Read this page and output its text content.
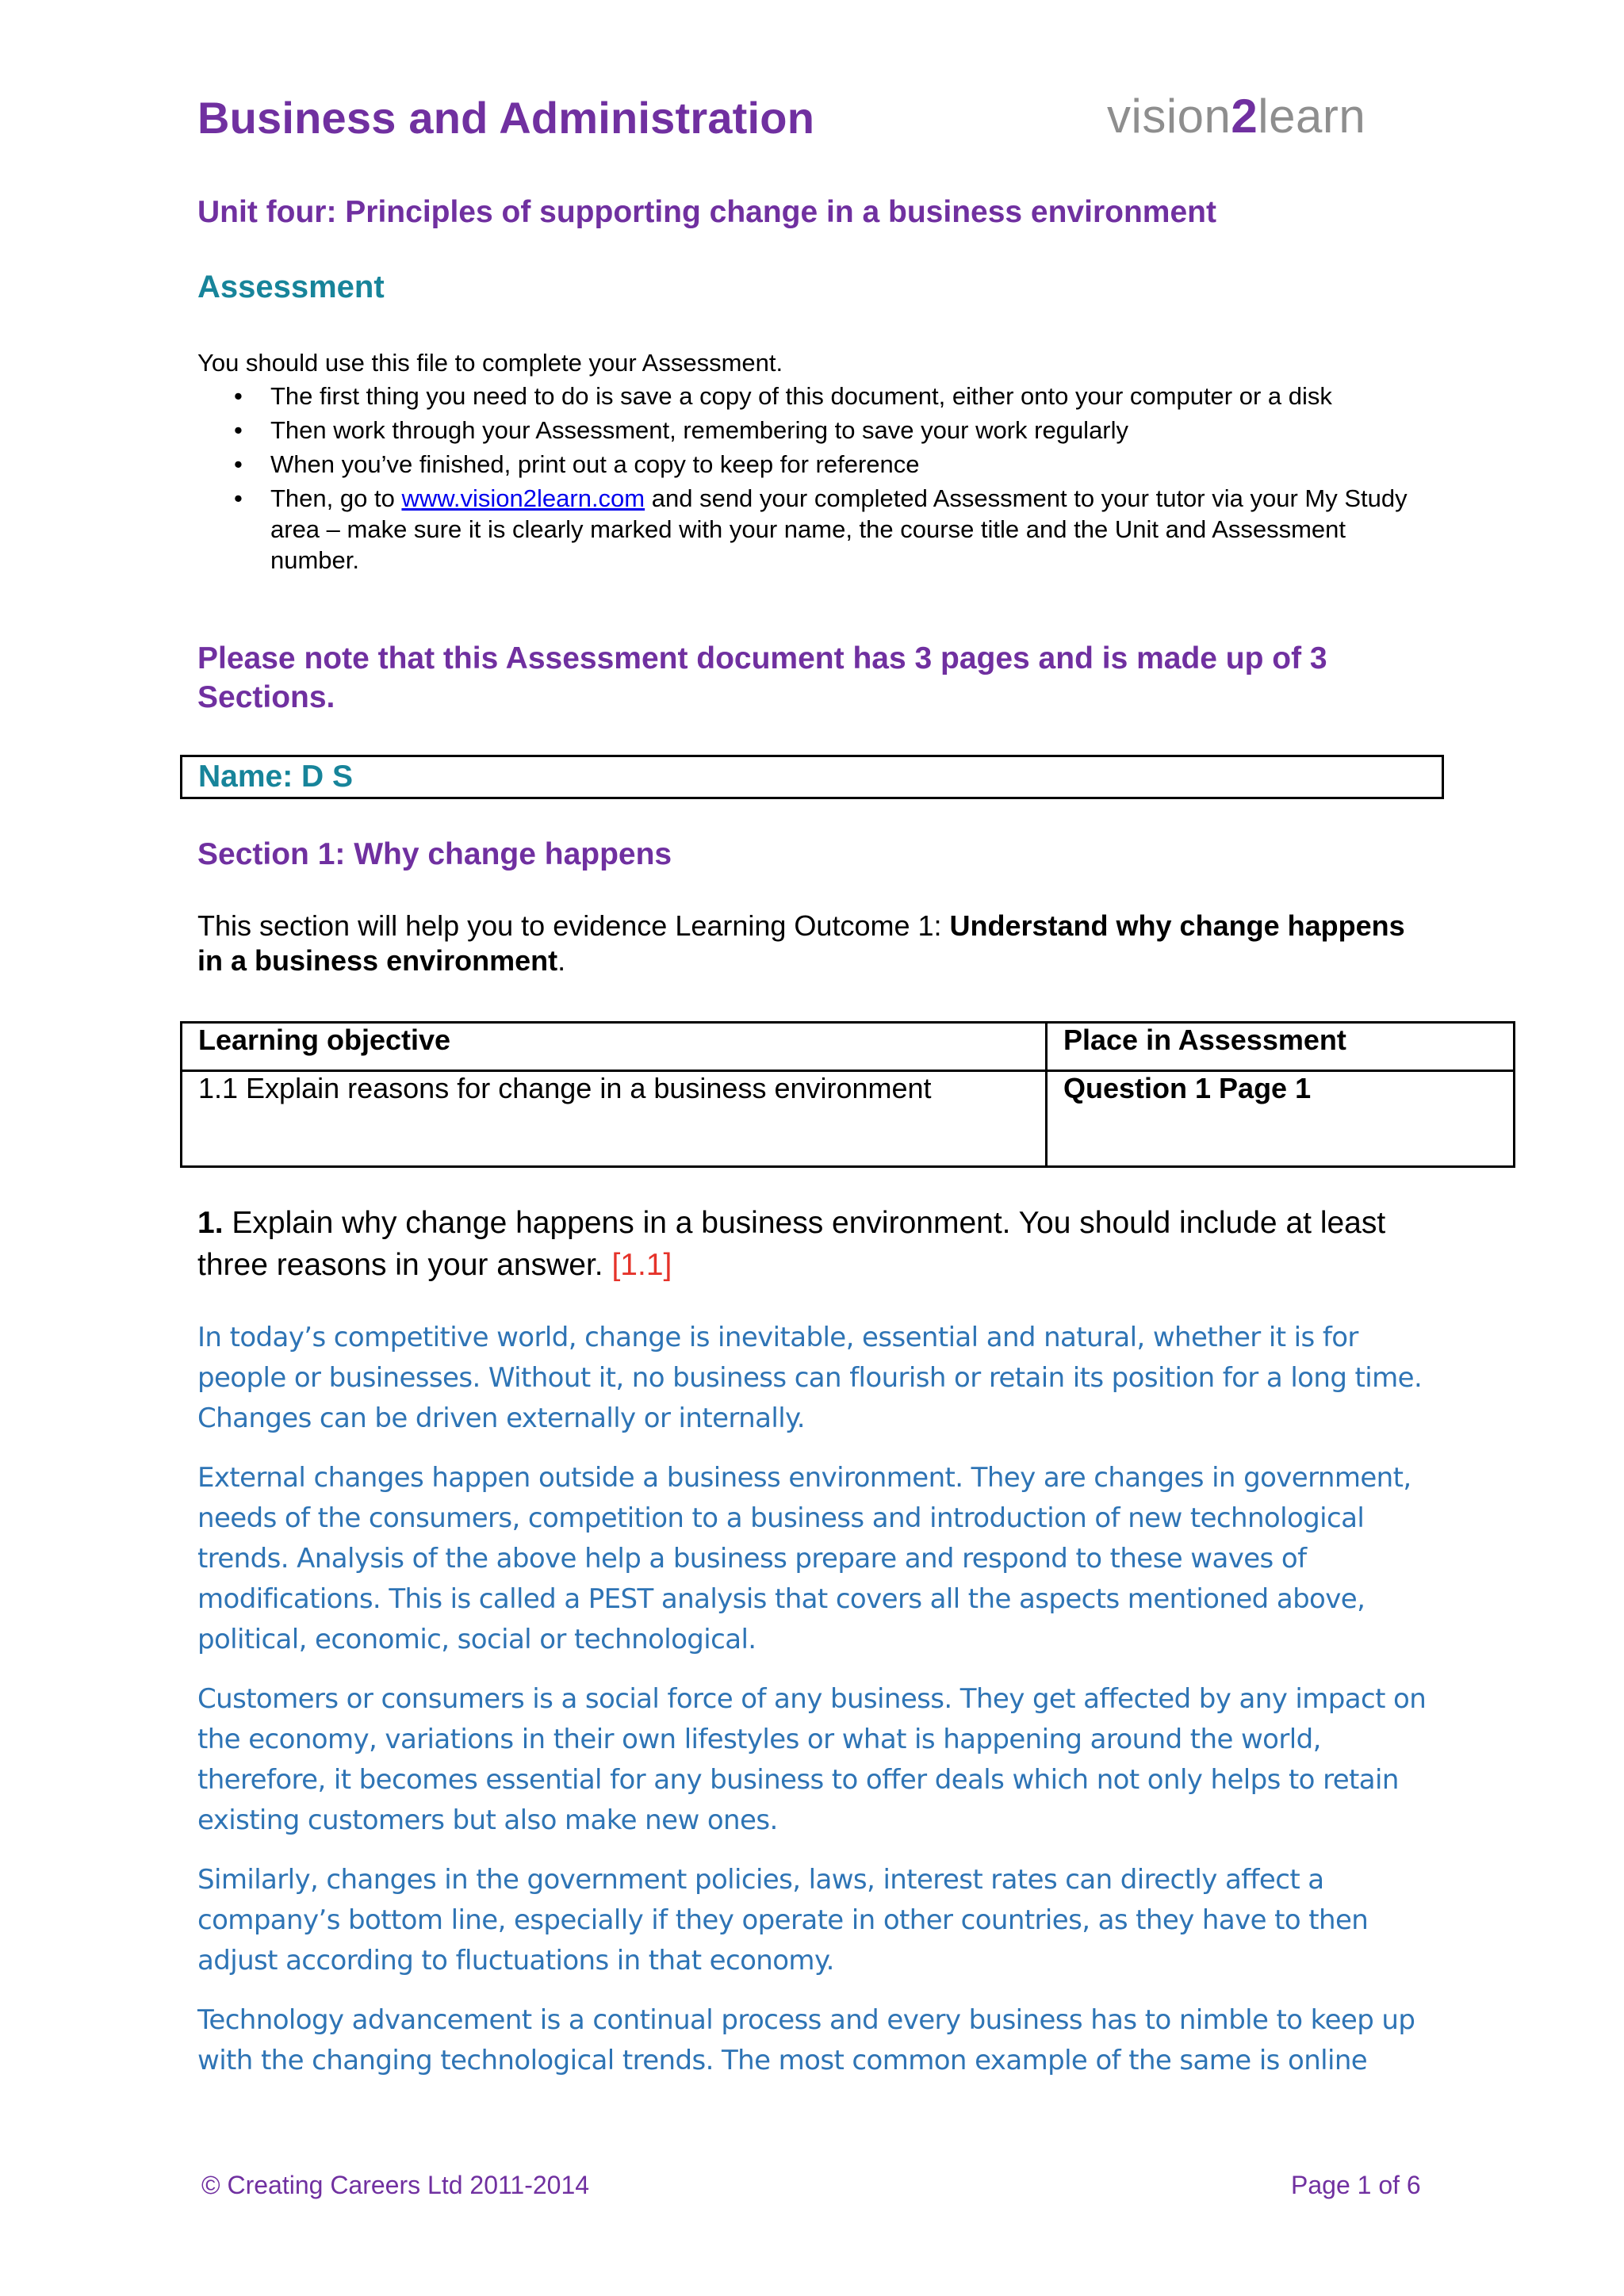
Business and Administration	vision2learn
Unit four: Principles of supporting change in a business environment
Assessment
You should use this file to complete your Assessment.
• The first thing you need to do is save a copy of this document, either onto your computer or a disk
• Then work through your Assessment, remembering to save your work regularly
• When you’ve finished, print out a copy to keep for reference
• Then, go to www.vision2learn.com and send your completed Assessment to your tutor via your My Study area – make sure it is clearly marked with your name, the course title and the Unit and Assessment number.
Please note that this Assessment document has 3 pages and is made up of 3 Sections.
Name: D S
Section 1: Why change happens
This section will help you to evidence Learning Outcome 1: Understand why change happens in a business environment.
Learning objective	Place in Assessment
1.1 Explain reasons for change in a business environment	Question 1 Page 1
1. Explain why change happens in a business environment. You should include at least three reasons in your answer. [1.1]

In today’s competitive world, change is inevitable, essential and natural, whether it is for people or businesses. Without it, no business can flourish or retain its position for a long time. Changes can be driven externally or internally.

External changes happen outside a business environment. They are changes in government, needs of the consumers, competition to a business and introduction of new technological trends. Analysis of the above help a business prepare and respond to these waves of modifications. This is called a PEST analysis that covers all the aspects mentioned above, political, economic, social or technological.

Customers or consumers is a social force of any business. They get affected by any impact on the economy, variations in their own lifestyles or what is happening around the world, therefore, it becomes essential for any business to offer deals which not only helps to retain existing customers but also make new ones.

Similarly, changes in the government policies, laws, interest rates can directly affect a company’s bottom line, especially if they operate in other countries, as they have to then adjust according to fluctuations in that economy.

Technology advancement is a continual process and every business has to nimble to keep up with the changing technological trends. The most common example of the same is online

© Creating Careers Ltd 2011-2014	Page 1 of 6
